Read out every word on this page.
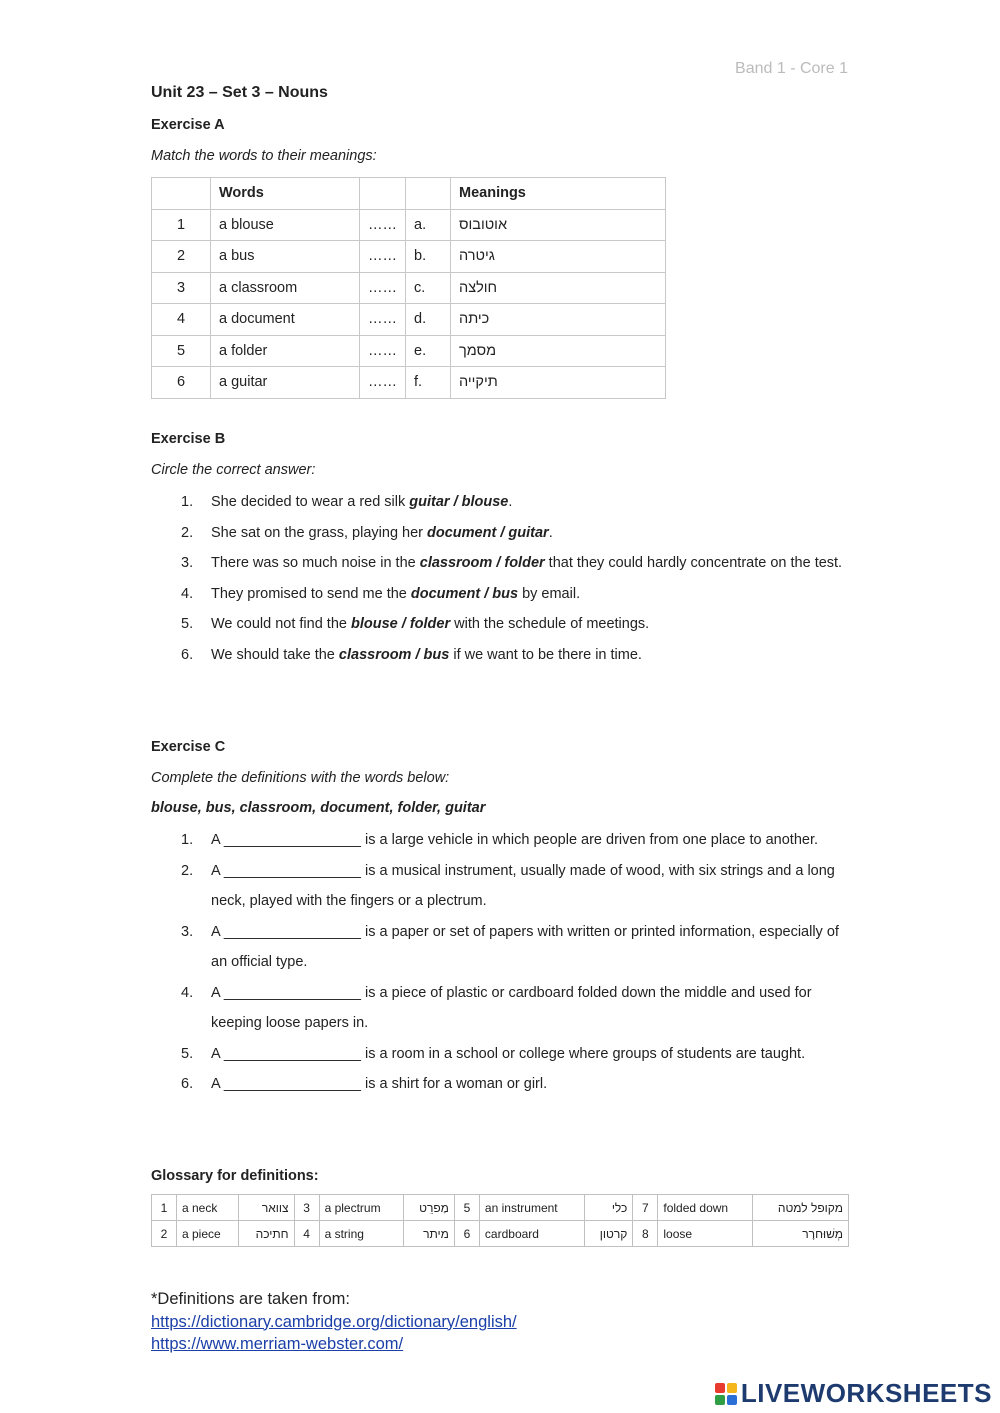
Band 1 - Core 1
Unit 23 – Set 3 – Nouns
Exercise A
Match the words to their meanings:
	Words			Meanings
1	a blouse	……	a.	אוטובוס
2	a bus	……	b.	גיטרה
3	a classroom	……	c.	חולצה
4	a document	……	d.	כיתה
5	a folder	……	e.	מסמך
6	a guitar	……	f.	תיקייה
Exercise B
Circle the correct answer:
1. She decided to wear a red silk guitar / blouse.
2. She sat on the grass, playing her document / guitar.
3. There was so much noise in the classroom / folder that they could hardly concentrate on the test.
4. They promised to send me the document / bus by email.
5. We could not find the blouse / folder with the schedule of meetings.
6. We should take the classroom / bus if we want to be there in time.
Exercise C
Complete the definitions with the words below:
blouse, bus, classroom, document, folder, guitar
1. A _________________ is a large vehicle in which people are driven from one place to another.
2. A _________________ is a musical instrument, usually made of wood, with six strings and a long neck, played with the fingers or a plectrum.
3. A _________________ is a paper or set of papers with written or printed information, especially of an official type.
4. A _________________ is a piece of plastic or cardboard folded down the middle and used for keeping loose papers in.
5. A _________________ is a room in a school or college where groups of students are taught.
6. A _________________ is a shirt for a woman or girl.
Glossary for definitions:
1	a neck	צוואר	3	a plectrum	מַפרֵט	5	an instrument	כלי	7	folded down	מקופל למטה
2	a piece	חתיכה	4	a string	מיתר	6	cardboard	קרטון	8	loose	מְשׁוּחרָר
*Definitions are taken from:
https://dictionary.cambridge.org/dictionary/english/
https://www.merriam-webster.com/
LIVEWORKSHEETS
